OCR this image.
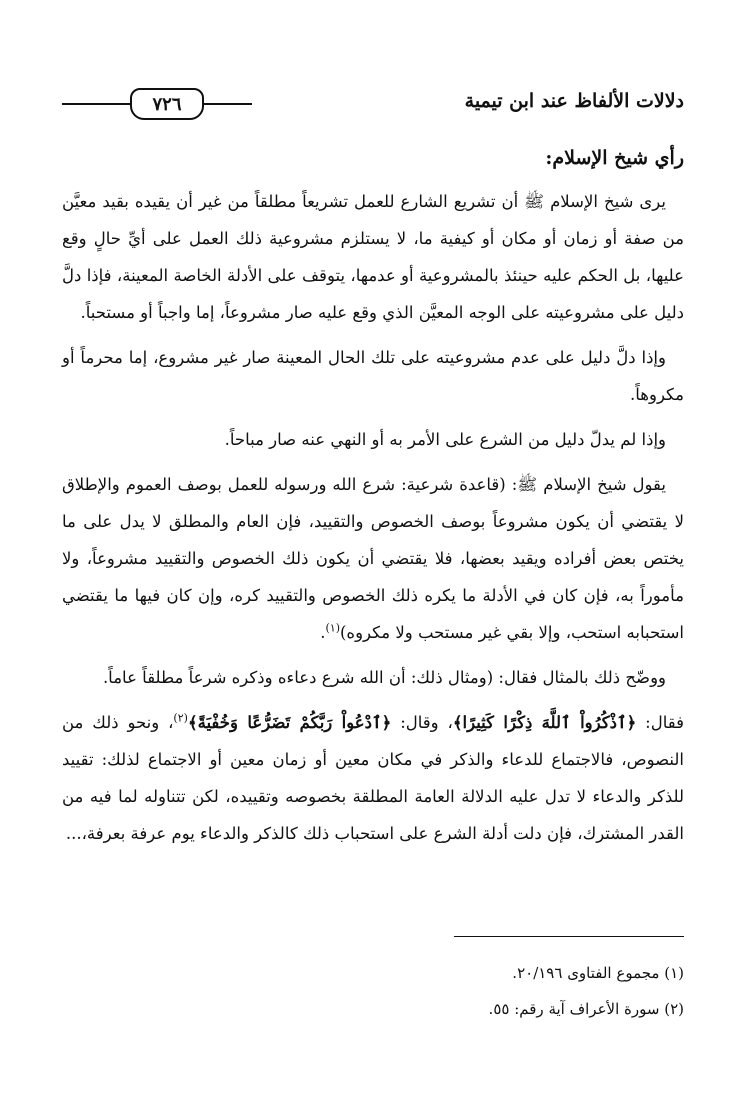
٧٢٦	دلالات الألفاظ عند ابن تيمية

رأي شيخ الإسلام:

يرى شيخ الإسلام ﷺ أن تشريع الشارع للعمل تشريعاً مطلقاً من غير أن يقيده بقيد معيَّن من صفة أو زمان أو مكان أو كيفية ما، لا يستلزم مشروعية ذلك العمل على أيِّ حالٍ وقع عليها، بل الحكم عليه حينئذ بالمشروعية أو عدمها، يتوقف على الأدلة الخاصة المعينة، فإذا دلَّ دليل على مشروعيته على الوجه المعيَّن الذي وقع عليه صار مشروعاً، إما واجباً أو مستحباً.

وإذا دلَّ دليل على عدم مشروعيته على تلك الحال المعينة صار غير مشروع، إما محرماً أو مكروهاً.

وإذا لم يدلّ دليل من الشرع على الأمر به أو النهي عنه صار مباحاً.

يقول شيخ الإسلام ﷺ: (قاعدة شرعية: شرع الله ورسوله للعمل بوصف العموم والإطلاق لا يقتضي أن يكون مشروعاً بوصف الخصوص والتقييد، فإن العام والمطلق لا يدل على ما يختص بعض أفراده ويقيد بعضها، فلا يقتضي أن يكون ذلك الخصوص والتقييد مشروعاً، ولا مأموراً به، فإن كان في الأدلة ما يكره ذلك الخصوص والتقييد كره، وإن كان فيها ما يقتضي استحبابه استحب، وإلا بقي غير مستحب ولا مكروه)$^{(١)}$.

ووضّح ذلك بالمثال فقال: (ومثال ذلك: أن الله شرع دعاءه وذكره شرعاً مطلقاً عاماً.

فقال: ﴿ٱذْكُرُواْ ٱللَّهَ ذِكْرًا كَثِيرًا﴾، وقال: ﴿ٱدْعُواْ رَبَّكُمْ تَضَرُّعًا وَخُفْيَةً﴾$^{(٢)}$، ونحو ذلك من النصوص، فالاجتماع للدعاء والذكر في مكان معين أو زمان معين أو الاجتماع لذلك: تقييد للذكر والدعاء لا تدل عليه الدلالة العامة المطلقة بخصوصه وتقييده، لكن تتناوله لما فيه من القدر المشترك، فإن دلت أدلة الشرع على استحباب ذلك كالذكر والدعاء يوم عرفة بعرفة،...

(١) مجموع الفتاوى ٢٠/١٩٦.

(٢) سورة الأعراف آية رقم: ٥٥.
